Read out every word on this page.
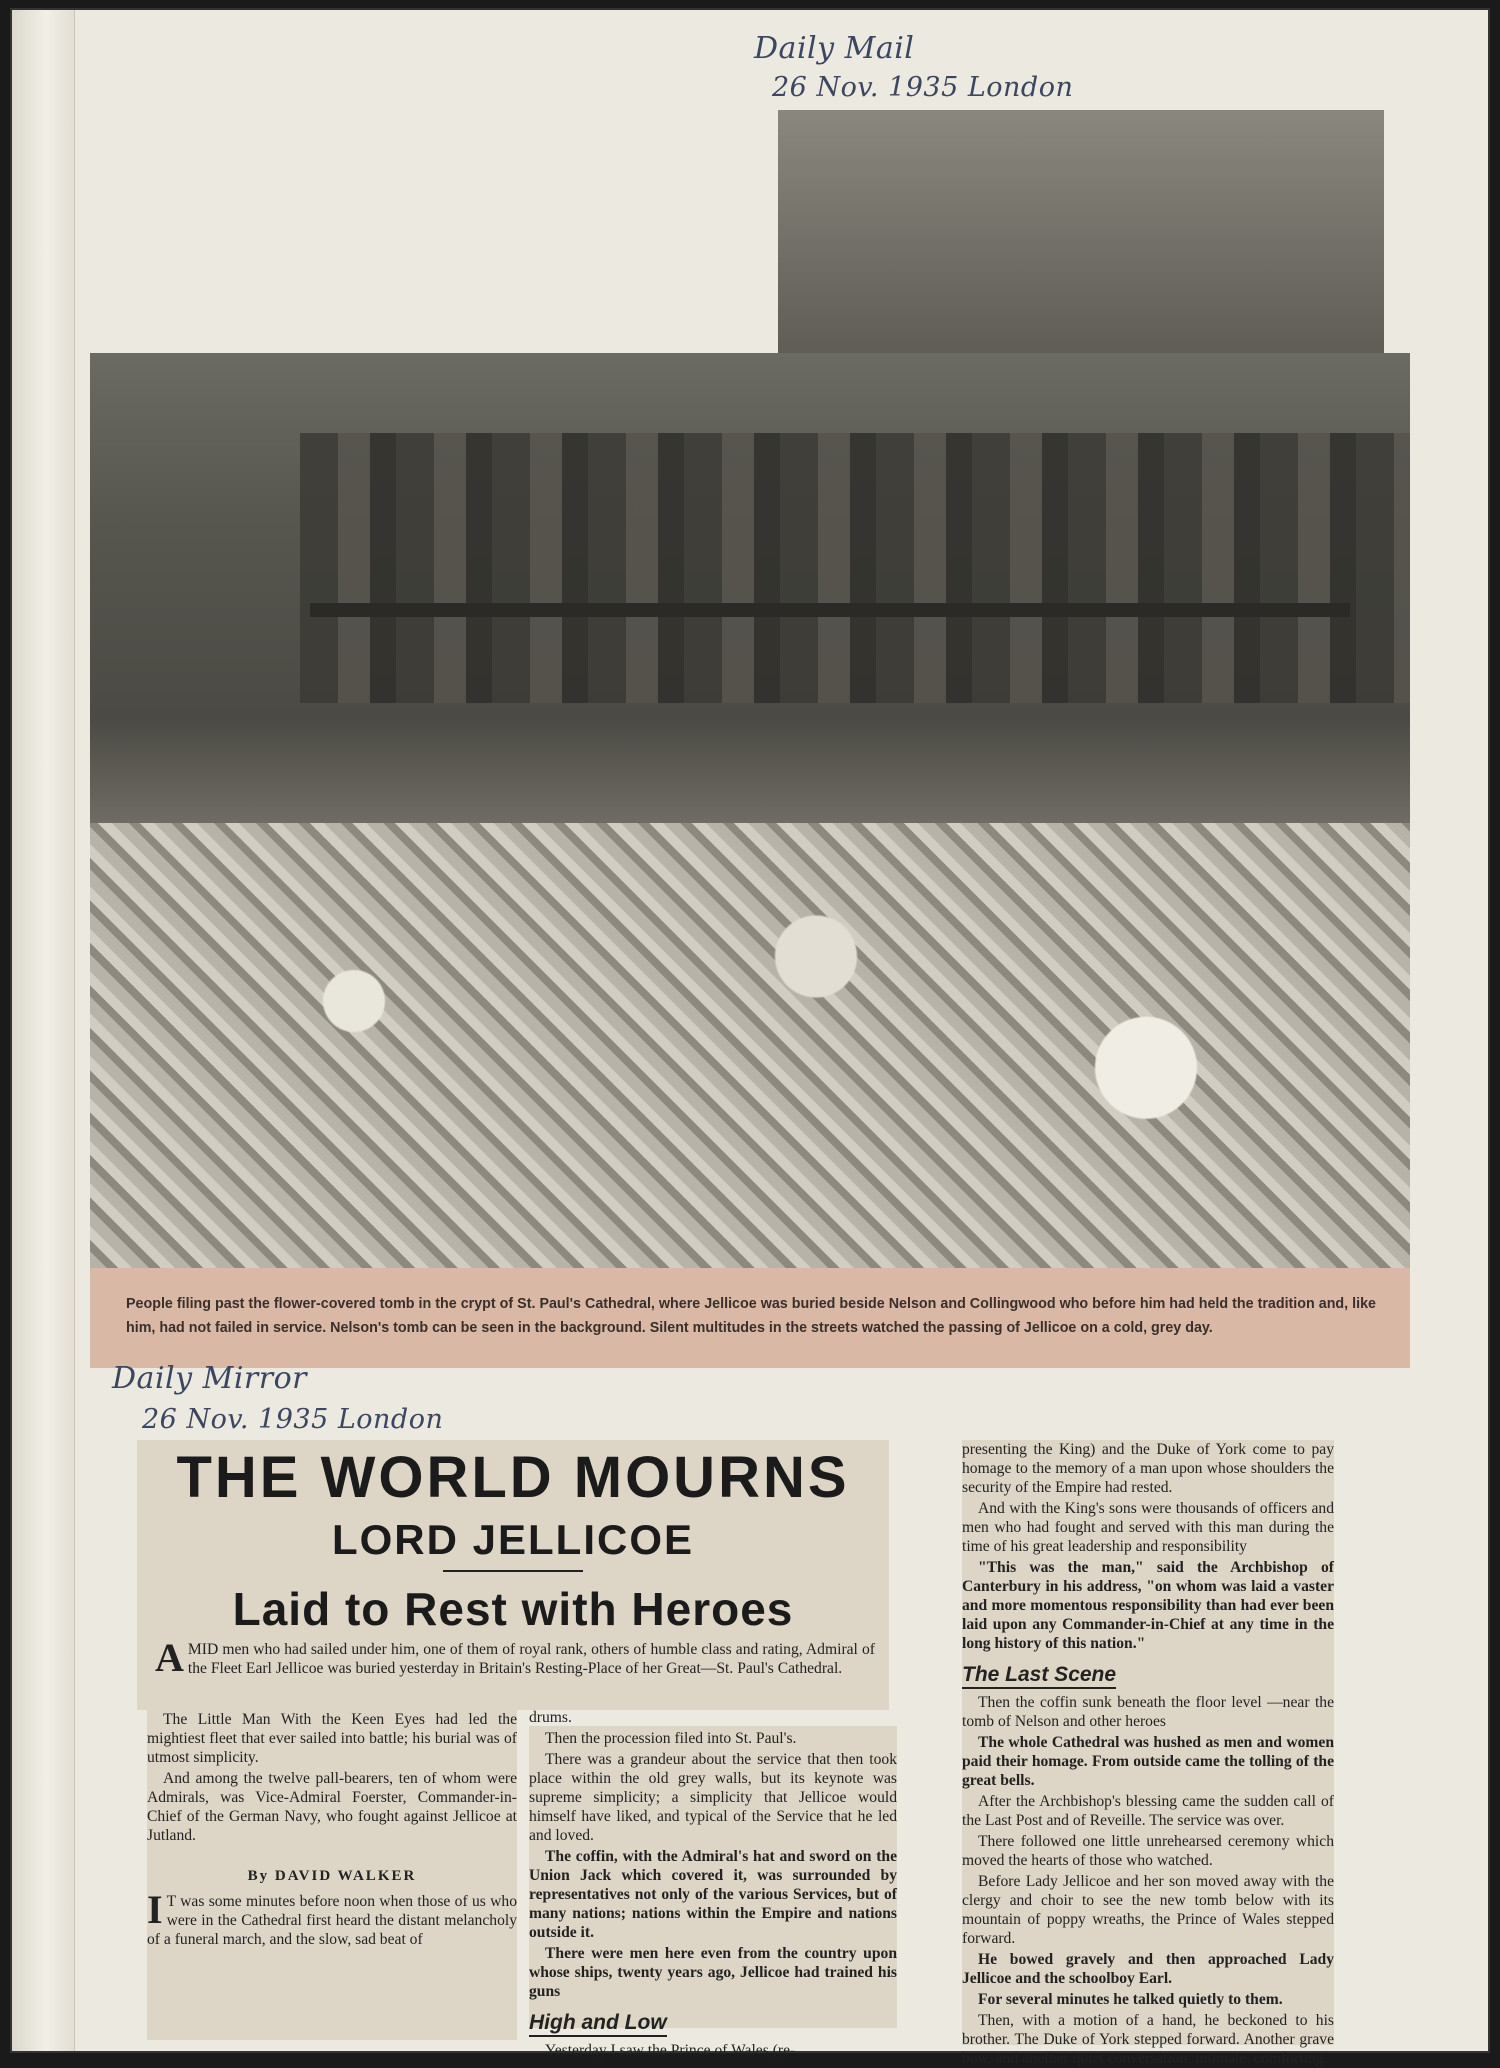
Daily Mail
26 Nov. 1935 London
People filing past the flower-covered tomb in the crypt of St. Paul's Cathedral, where Jellicoe was buried beside Nelson and Collingwood who before him had held the tradition and, like him, had not failed in service. Nelson's tomb can be seen in the background. Silent multitudes in the streets watched the passing of Jellicoe on a cold, grey day.
Daily Mirror
26 Nov. 1935 London
THE WORLD MOURNS
LORD JELLICOE
Laid to Rest with Heroes
AMID men who had sailed under him, one of them of royal rank, others of humble class and rating, Admiral of the Fleet Earl Jellicoe was buried yesterday in Britain's Resting-Place of her Great—St. Paul's Cathedral.

The Little Man With the Keen Eyes had led the mightiest fleet that ever sailed into battle; his burial was of utmost simplicity.

And among the twelve pall-bearers, ten of whom were Admirals, was Vice-Admiral Foerster, Commander-in-Chief of the German Navy, who fought against Jellicoe at Jutland.

By DAVID WALKER

I T was some minutes before noon when those of us who were in the Cathedral first heard the distant melancholy of a funeral march, and the slow, sad beat of

drums.

Then the procession filed into St. Paul's.

There was a grandeur about the service that then took place within the old grey walls, but its keynote was supreme simplicity; a simplicity that Jellicoe would himself have liked, and typical of the Service that he led and loved.

The coffin, with the Admiral's hat and sword on the Union Jack which covered it, was surrounded by representatives not only of the various Services, but of many nations; nations within the Empire and nations outside it.

There were men here even from the country upon whose ships, twenty years ago, Jellicoe had trained his guns

High and Low

Yesterday I saw the Prince of Wales (re-

presenting the King) and the Duke of York come to pay homage to the memory of a man upon whose shoulders the security of the Empire had rested.

And with the King's sons were thousands of officers and men who had fought and served with this man during the time of his great leadership and responsibility

"This was the man," said the Archbishop of Canterbury in his address, "on whom was laid a vaster and more momentous responsibility than had ever been laid upon any Commander-in-Chief at any time in the long history of this nation."

The Last Scene

Then the coffin sunk beneath the floor level —near the tomb of Nelson and other heroes

The whole Cathedral was hushed as men and women paid their homage. From outside came the tolling of the great bells.

After the Archbishop's blessing came the sudden call of the Last Post and of Reveille. The service was over.

There followed one little unrehearsed ceremony which moved the hearts of those who watched.

Before Lady Jellicoe and her son moved away with the clergy and choir to see the new tomb below with its mountain of poppy wreaths, the Prince of Wales stepped forward.

He bowed gravely and then approached Lady Jellicoe and the schoolboy Earl.

For several minutes he talked quietly to them.

Then, with a motion of a hand, he beckoned to his brother. The Duke of York stepped forward. Another grave bow, and another quiet conversation, intimate, comforting.
